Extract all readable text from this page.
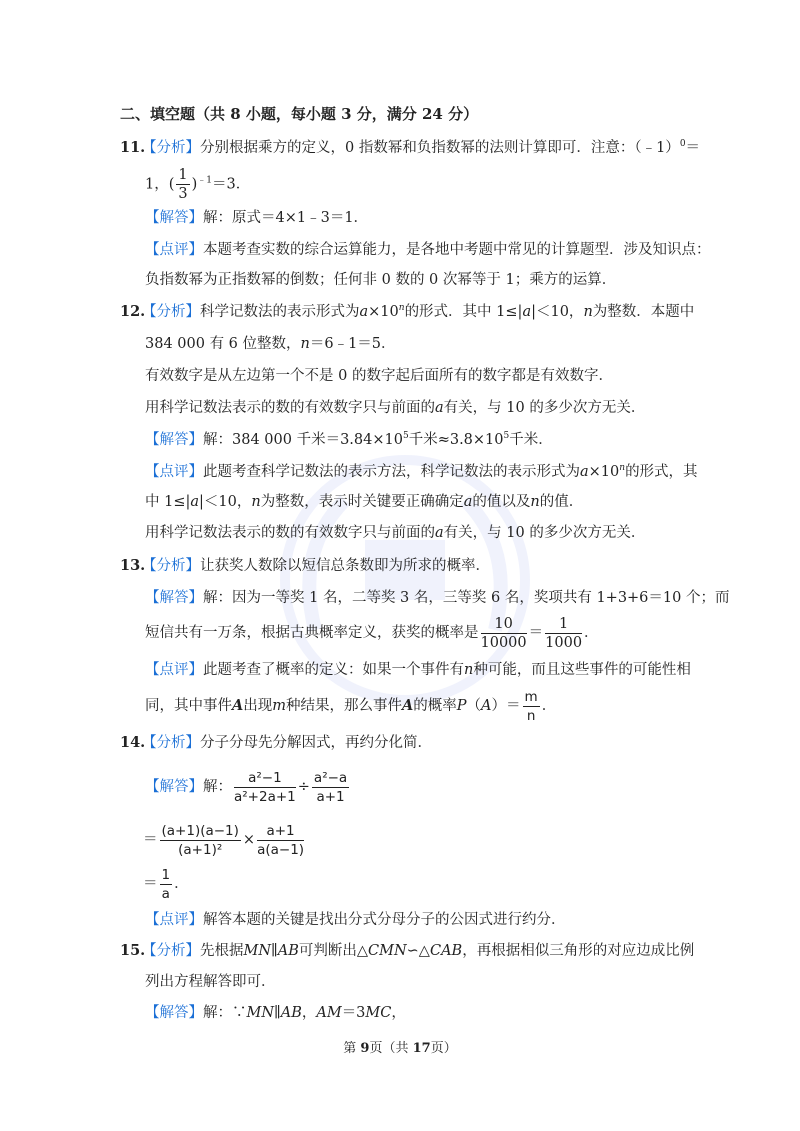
二、填空题（共 8 小题，每小题 3 分，满分 24 分）
11.【分析】分别根据乘方的定义，0 指数幂和负指数幂的法则计算即可．注意：（﹣1）$^0$＝
1，( $\frac{1}{3} )^{﹣1}=3$．
【解答】解：原式＝4×1﹣3＝1．
【点评】本题考查实数的综合运算能力，是各地中考题中常见的计算题型．涉及知识点：
负指数幂为正指数幂的倒数；任何非 0 数的 0 次幂等于 1；乘方的运算．
12.【分析】科学记数法的表示形式为$a\times 10^n$的形式．其中 1≤|a|＜10，n为整数．本题中
384 000 有 6 位整数，n＝6﹣1＝5．
有效数字是从左边第一个不是 0 的数字起后面所有的数字都是有效数字．
用科学记数法表示的数的有效数字只与前面的a有关，与 10 的多少次方无关．
【解答】解：384 000 千米$=3.84\times 10^5$千米$\approx 3.8\times 10^5$千米．
【点评】此题考查科学记数法的表示方法，科学记数法的表示形式为$a\times 10^n$的形式，其
中 1≤|a|＜10，n为整数，表示时关键要正确确定a的值以及n的值．
用科学记数法表示的数的有效数字只与前面的a有关，与 10 的多少次方无关．
13.【分析】让获奖人数除以短信总条数即为所求的概率．
【解答】解：因为一等奖 1 名，二等奖 3 名，三等奖 6 名，奖项共有 1+3+6＝10 个；而
短信共有一万条，根据古典概率定义，获奖的概率是 $\frac{10}{10000} = \frac{1}{1000}$ ．
【点评】此题考查了概率的定义：如果一个事件有n种可能，而且这些事件的可能性相
同，其中事件A出现m种结果，那么事件A的概率$P(A)= \frac{m}{n}$ ．
14.【分析】分子分母先分解因式，再约分化简．
【解答】解： $\frac{\text{a²−1}}{\text{a²+2a+1}} \div \frac{\text{a²−a}}{a+1}$
＝ $\frac{(a+1)(a-1)}{\text{(a+1)²}} \times \frac{a+1}{a(a-1)}$
＝ $\frac{1}{a}$ ．
【点评】解答本题的关键是找出分式分母分子的公因式进行约分．
15.【分析】先根据MN∥AB可判断出△CMN∽△CAB，再根据相似三角形的对应边成比例
列出方程解答即可．
【解答】解：∵MN∥AB，AM＝3MC，
第 9页（共 17页）
